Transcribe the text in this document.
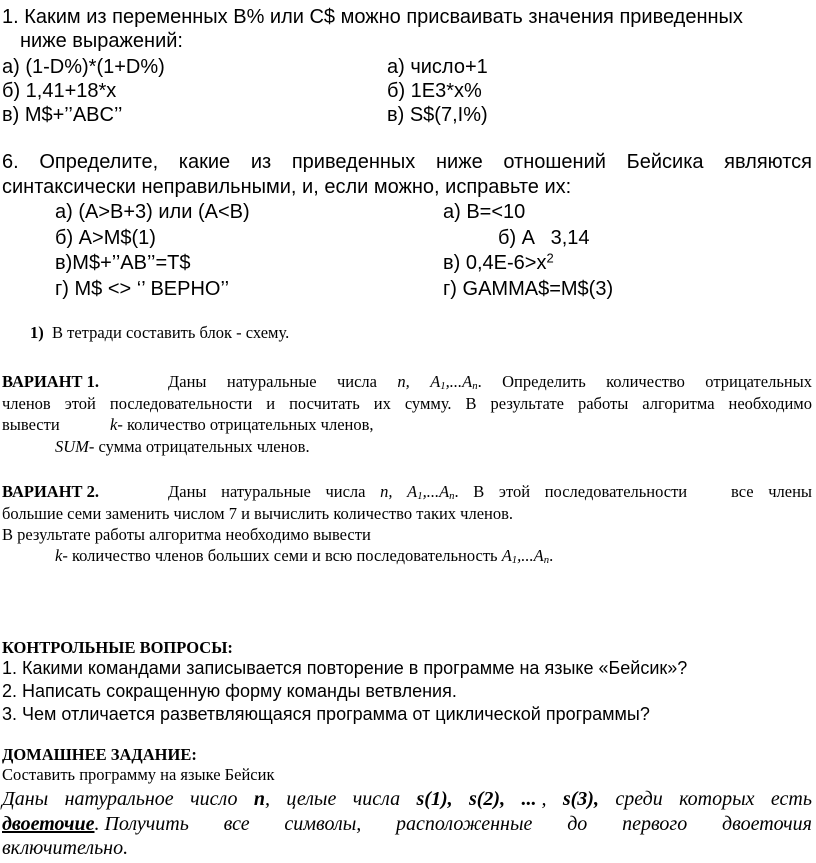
1. Каким из переменных B% или C$ можно присваивать значения приведенных
ниже выражений:
а) (1-D%)*(1+D%)	а) число+1
б) 1,41+18*x	б) 1E3*x%
в) M$+’’ABC’’	в) S$(7,I%)
6. Определите, какие из приведенных ниже отношений Бейсика являются
синтаксически неправильными, и, если можно, исправьте их:
а) (A>B+3) или (A<B)	а) B=<10
б) A>M$(1)	б) A   3,14
в)M$+’’AB’’=T$	в) $0,4E-6>x^2$
г) M$ <> ‘’ ВЕРНО’’	г) GAMMA$=M$(3)
1) В тетради составить блок - схему.
ВАРИАНТ 1.	Даны натуральные числа n, $A_1,...A_n$. Определить количество отрицательных
членов этой последовательности и посчитать их сумму. В результате работы алгоритма необходимо
вывести	k- количество отрицательных членов,
SUM- сумма отрицательных членов.
ВАРИАНТ 2.	Даны натуральные числа n, $A_1,...A_n$. В этой последовательности   все члены
большие семи заменить числом 7 и вычислить количество таких членов.
В результате работы алгоритма необходимо вывести
k- количество членов больших семи и всю последовательность $A_1,...A_n$.
КОНТРОЛЬНЫЕ ВОПРОСЫ:
1. Какими командами записывается повторение в программе на языке «Бейсик»?
2. Написать сокращенную форму команды ветвления.
3. Чем отличается разветвляющаяся программа от циклической программы?
ДОМАШНЕЕ ЗАДАНИЕ:
Составить программу на языке Бейсик
Даны натуральное число n, целые числа s(1), s(2), ... , s(3), среди которых есть
двоеточие. Получить все символы, расположенные до первого двоеточия
включительно.
